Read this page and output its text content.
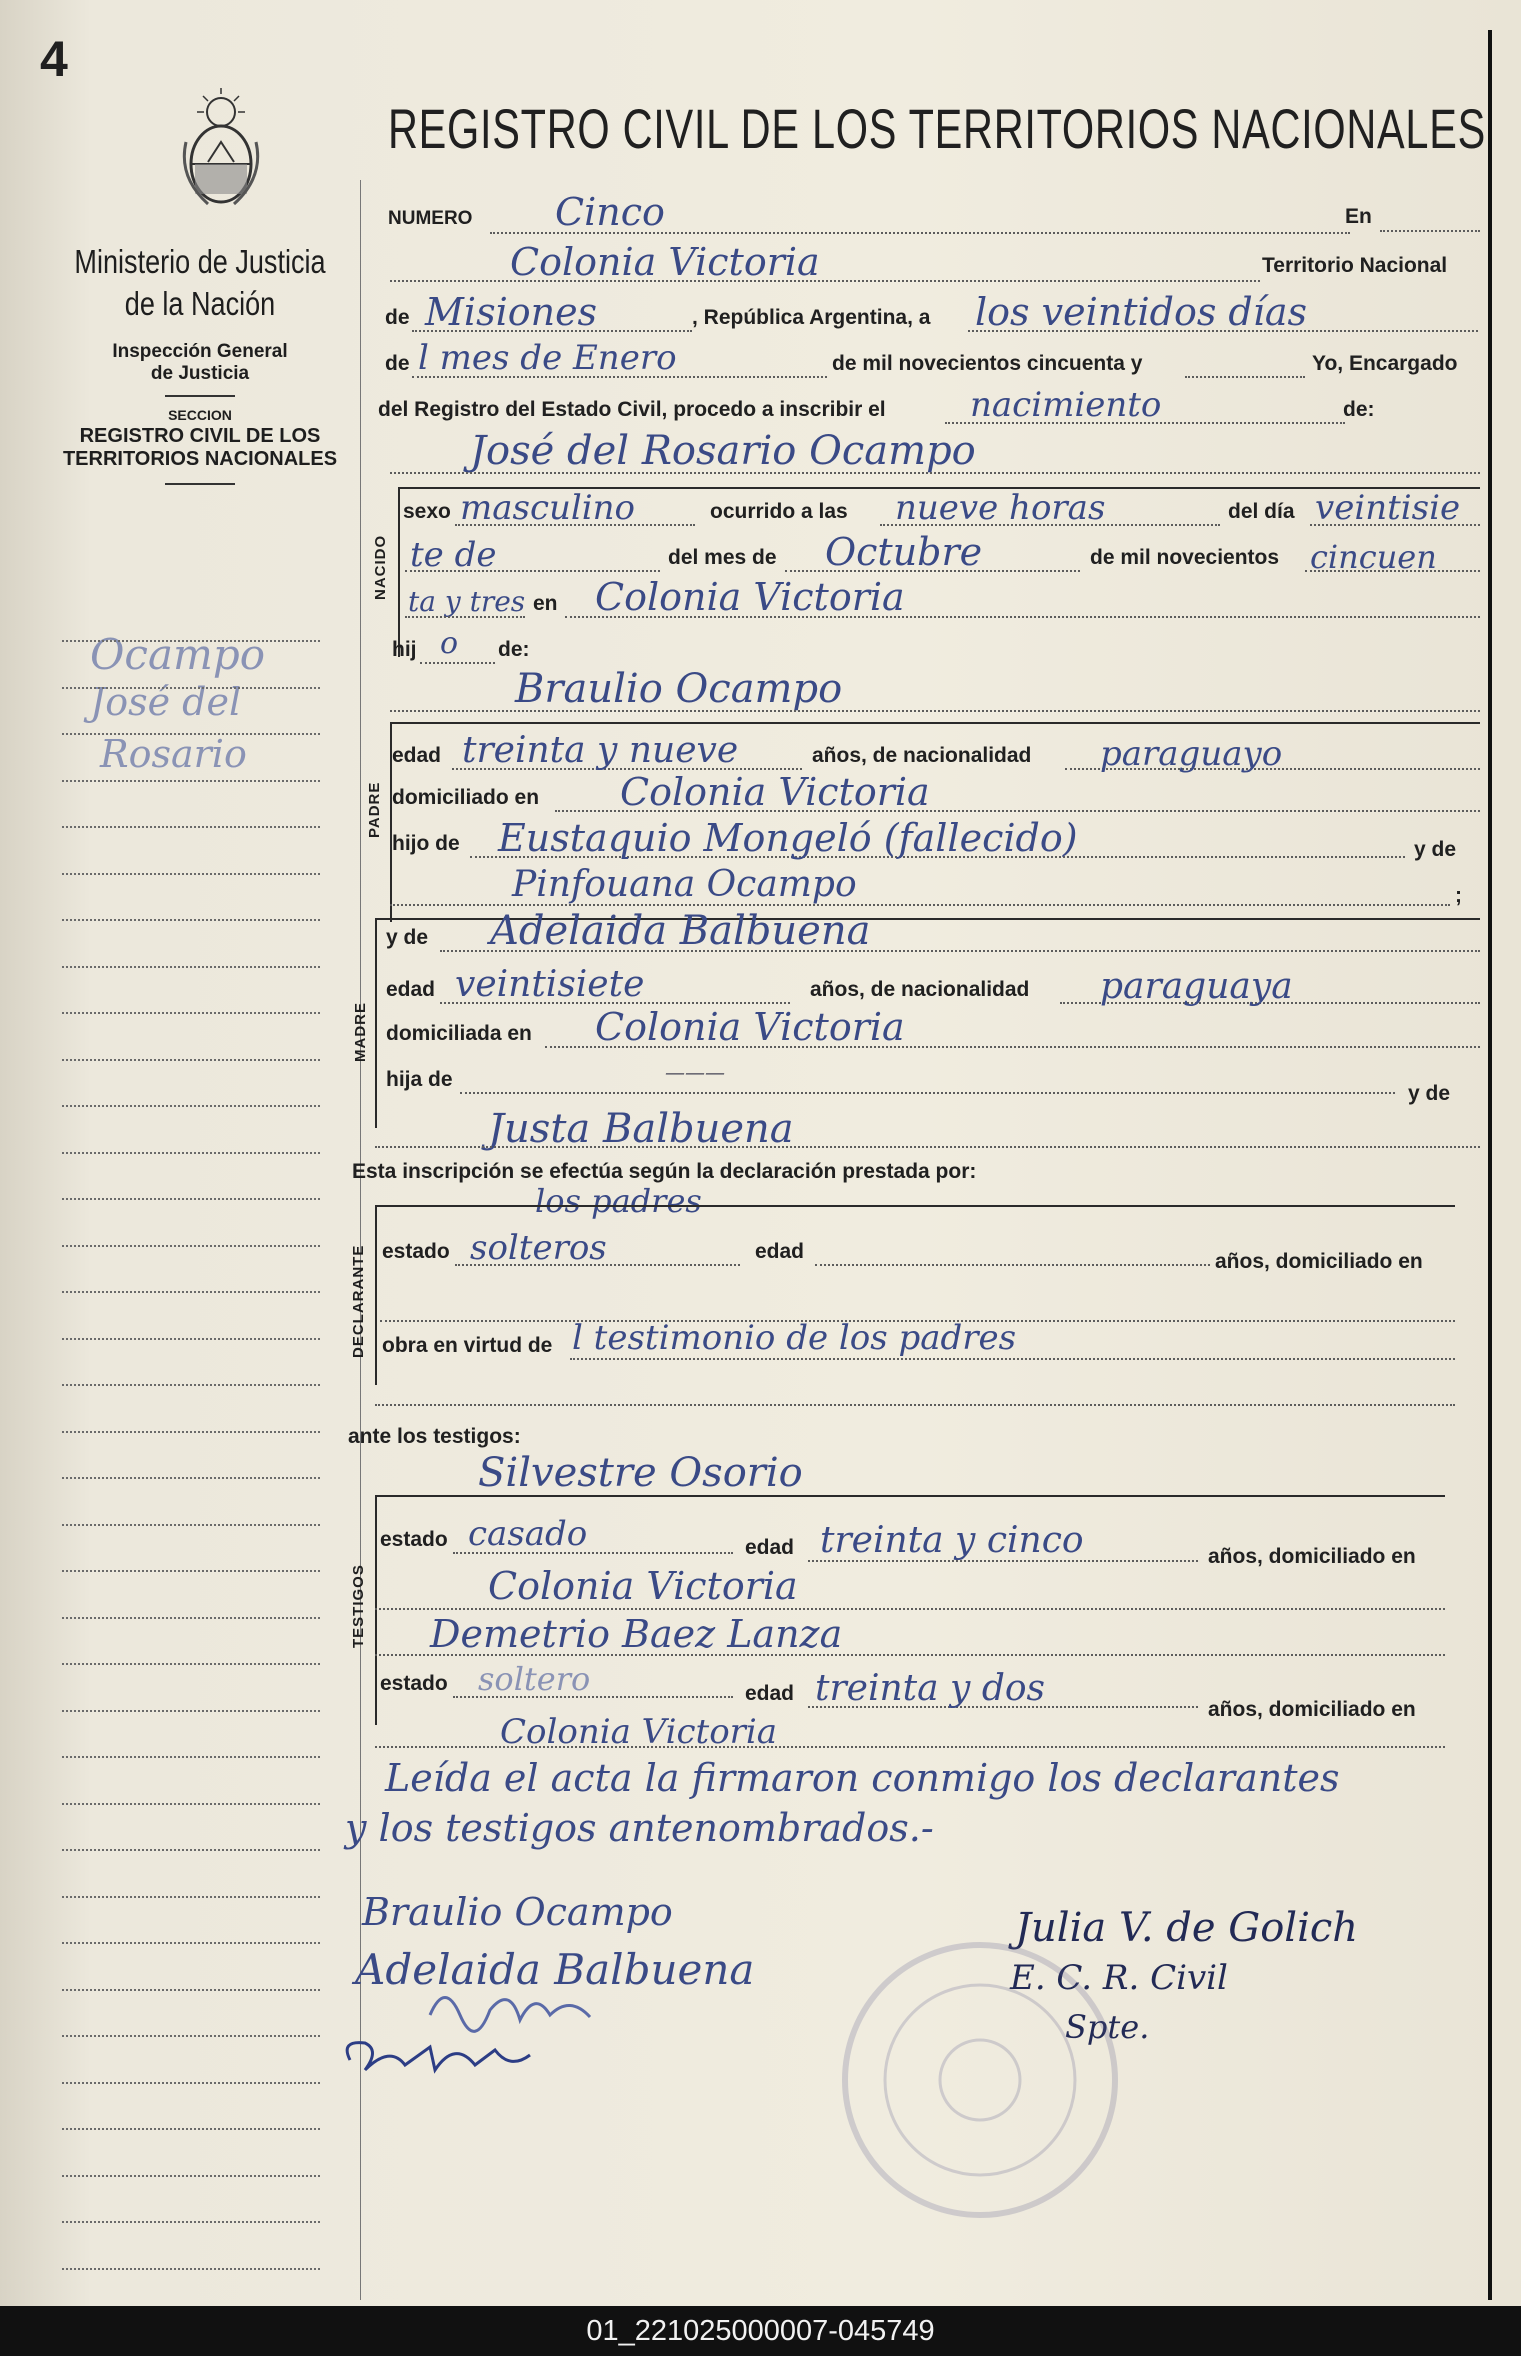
4
REGISTRO CIVIL DE LOS TERRITORIOS NACIONALES
Ministerio de Justicia
de la Nación
Inspección General
de Justicia
SECCION
REGISTRO CIVIL DE LOS
TERRITORIOS NACIONALES
Ocampo
José del
Rosario
NUMERO Cinco	En
Colonia Victoria	Territorio Nacional
de Misiones	, República Argentina, a los veintidos días
de l mes de Enero	de mil novecientos cincuenta y	Yo, Encargado
del Registro del Estado Civil, procedo a inscribir el nacimiento	de:
José del Rosario Ocampo
NACIDO
sexo masculino	ocurrido a las nueve horas	del día veintisie
te de	del mes de Octubre	de mil novecientos cincuen
ta y tres en Colonia Victoria
hij o de:
Braulio Ocampo
PADRE
edad treinta y nueve	años, de nacionalidad paraguayo
domiciliado en Colonia Victoria
hijo de Eustaquio Mongeló (fallecido)	y de
Pinfouana Ocampo	;
MADRE
y de Adelaida Balbuena
edad veintisiete	años, de nacionalidad paraguaya
domiciliada en Colonia Victoria
hija de	———
y de
Justa Balbuena
Esta inscripción se efectúa según la declaración prestada por:
los padres
DECLARANTE estado solteros	edad	años, domiciliado en
obra en virtud de l testimonio de los padres
ante los testigos:
Silvestre Osorio
TESTIGOS
estado casado	edad treinta y cinco	años, domiciliado en
Colonia Victoria
Demetrio Baez Lanza
estado soltero	edad treinta y dos
años, domiciliado en
Colonia Victoria
Leída el acta la firmaron conmigo los declarantes
y los testigos antenombrados.-
Braulio Ocampo
Adelaida Balbuena
Julia V. de Golich
E. C. R. Civil
Spte.
01_221025000007-045749
